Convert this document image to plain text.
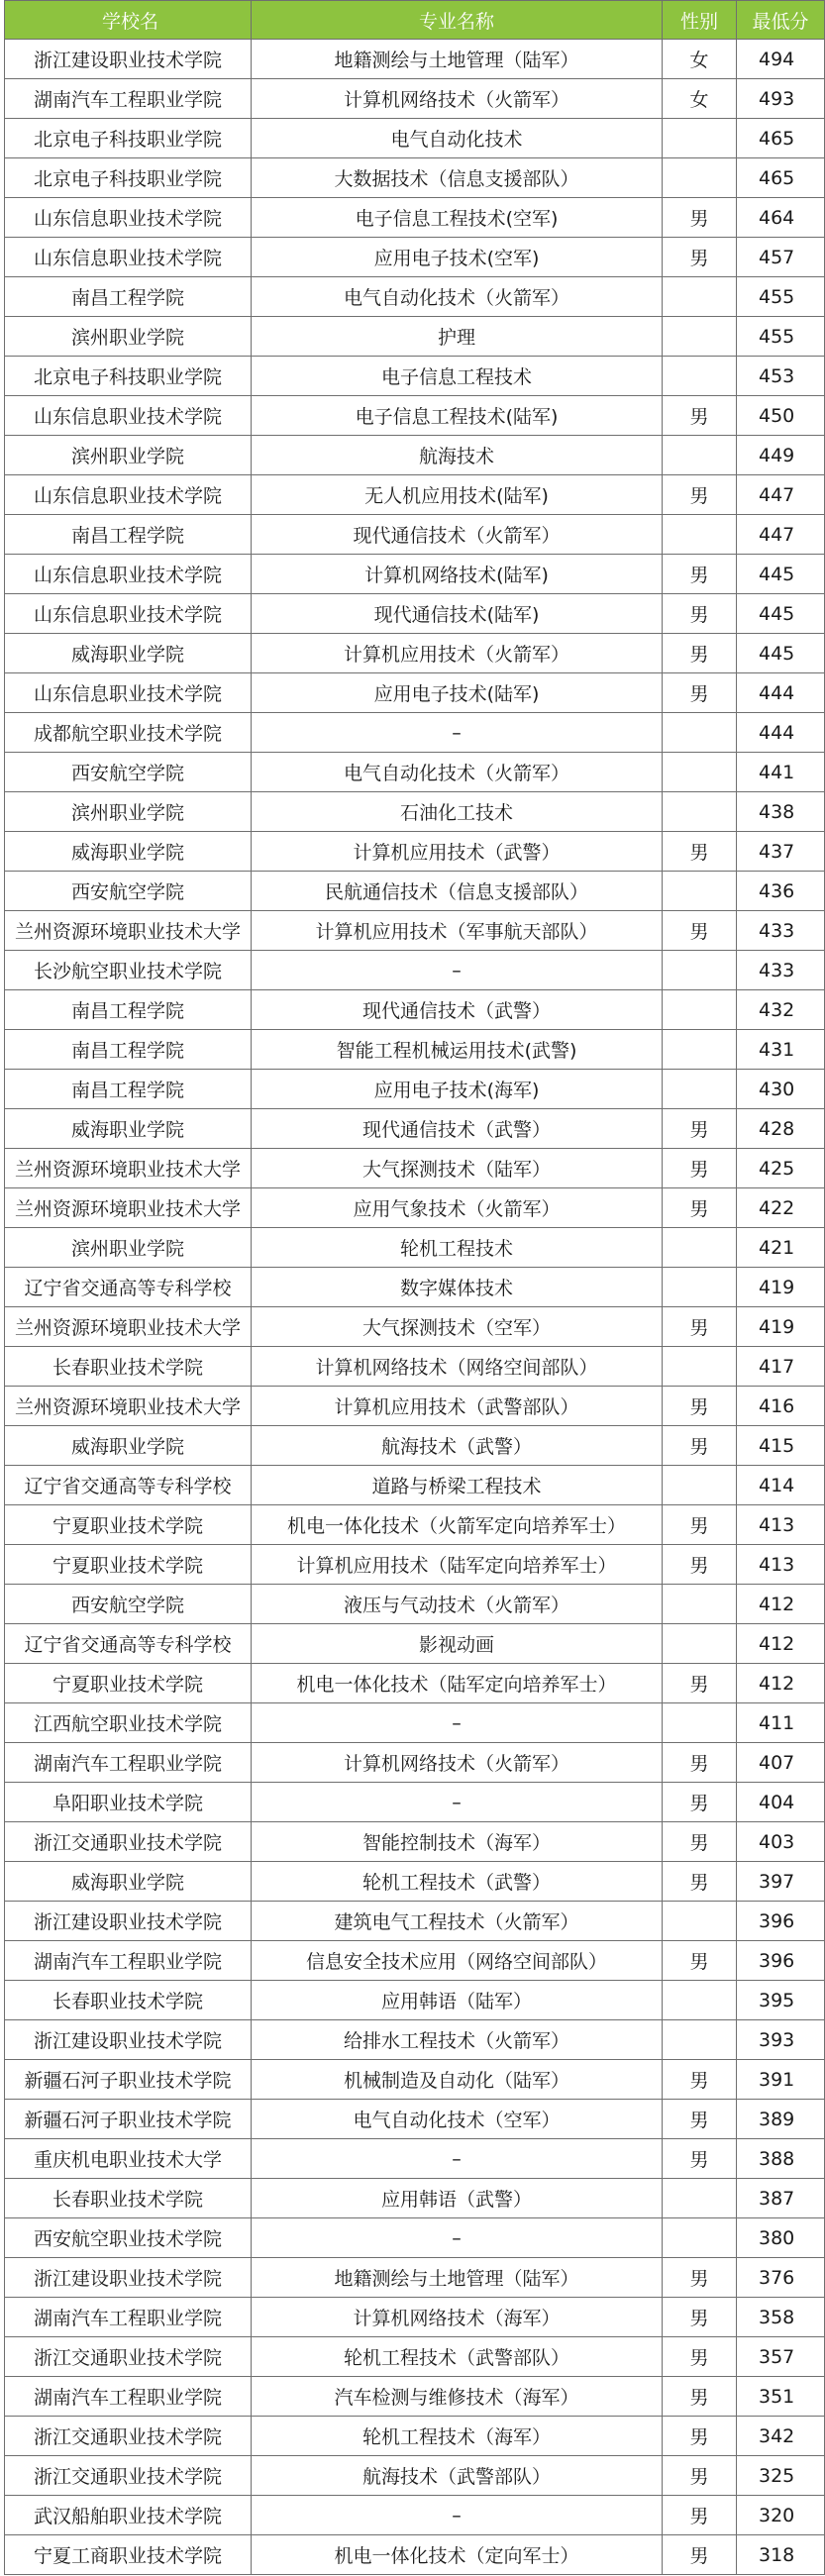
学校名	专业名称	性别	最低分
浙江建设职业技术学院	地籍测绘与土地管理（陆军）	女	494
湖南汽车工程职业学院	计算机网络技术（火箭军）	女	493
北京电子科技职业学院	电气自动化技术		465
北京电子科技职业学院	大数据技术（信息支援部队）		465
山东信息职业技术学院	电子信息工程技术(空军)	男	464
山东信息职业技术学院	应用电子技术(空军)	男	457
南昌工程学院	电气自动化技术（火箭军）		455
滨州职业学院	护理		455
北京电子科技职业学院	电子信息工程技术		453
山东信息职业技术学院	电子信息工程技术(陆军)	男	450
滨州职业学院	航海技术		449
山东信息职业技术学院	无人机应用技术(陆军)	男	447
南昌工程学院	现代通信技术（火箭军）		447
山东信息职业技术学院	计算机网络技术(陆军)	男	445
山东信息职业技术学院	现代通信技术(陆军)	男	445
威海职业学院	计算机应用技术（火箭军）	男	445
山东信息职业技术学院	应用电子技术(陆军)	男	444
成都航空职业技术学院	–		444
西安航空学院	电气自动化技术（火箭军）		441
滨州职业学院	石油化工技术		438
威海职业学院	计算机应用技术（武警）	男	437
西安航空学院	民航通信技术（信息支援部队）		436
兰州资源环境职业技术大学	计算机应用技术（军事航天部队）	男	433
长沙航空职业技术学院	–		433
南昌工程学院	现代通信技术（武警）		432
南昌工程学院	智能工程机械运用技术(武警)		431
南昌工程学院	应用电子技术(海军)		430
威海职业学院	现代通信技术（武警）	男	428
兰州资源环境职业技术大学	大气探测技术（陆军）	男	425
兰州资源环境职业技术大学	应用气象技术（火箭军）	男	422
滨州职业学院	轮机工程技术		421
辽宁省交通高等专科学校	数字媒体技术		419
兰州资源环境职业技术大学	大气探测技术（空军）	男	419
长春职业技术学院	计算机网络技术（网络空间部队）		417
兰州资源环境职业技术大学	计算机应用技术（武警部队）	男	416
威海职业学院	航海技术（武警）	男	415
辽宁省交通高等专科学校	道路与桥梁工程技术		414
宁夏职业技术学院	机电一体化技术（火箭军定向培养军士）	男	413
宁夏职业技术学院	计算机应用技术（陆军定向培养军士）	男	413
西安航空学院	液压与气动技术（火箭军）		412
辽宁省交通高等专科学校	影视动画		412
宁夏职业技术学院	机电一体化技术（陆军定向培养军士）	男	412
江西航空职业技术学院	–		411
湖南汽车工程职业学院	计算机网络技术（火箭军）	男	407
阜阳职业技术学院	–	男	404
浙江交通职业技术学院	智能控制技术（海军）	男	403
威海职业学院	轮机工程技术（武警）	男	397
浙江建设职业技术学院	建筑电气工程技术（火箭军）		396
湖南汽车工程职业学院	信息安全技术应用（网络空间部队）	男	396
长春职业技术学院	应用韩语（陆军）		395
浙江建设职业技术学院	给排水工程技术（火箭军）		393
新疆石河子职业技术学院	机械制造及自动化（陆军）	男	391
新疆石河子职业技术学院	电气自动化技术（空军）	男	389
重庆机电职业技术大学	–	男	388
长春职业技术学院	应用韩语（武警）		387
西安航空职业技术学院	–		380
浙江建设职业技术学院	地籍测绘与土地管理（陆军）	男	376
湖南汽车工程职业学院	计算机网络技术（海军）	男	358
浙江交通职业技术学院	轮机工程技术（武警部队）	男	357
湖南汽车工程职业学院	汽车检测与维修技术（海军）	男	351
浙江交通职业技术学院	轮机工程技术（海军）	男	342
浙江交通职业技术学院	航海技术（武警部队）	男	325
武汉船舶职业技术学院	–	男	320
宁夏工商职业技术学院	机电一体化技术（定向军士）	男	318
